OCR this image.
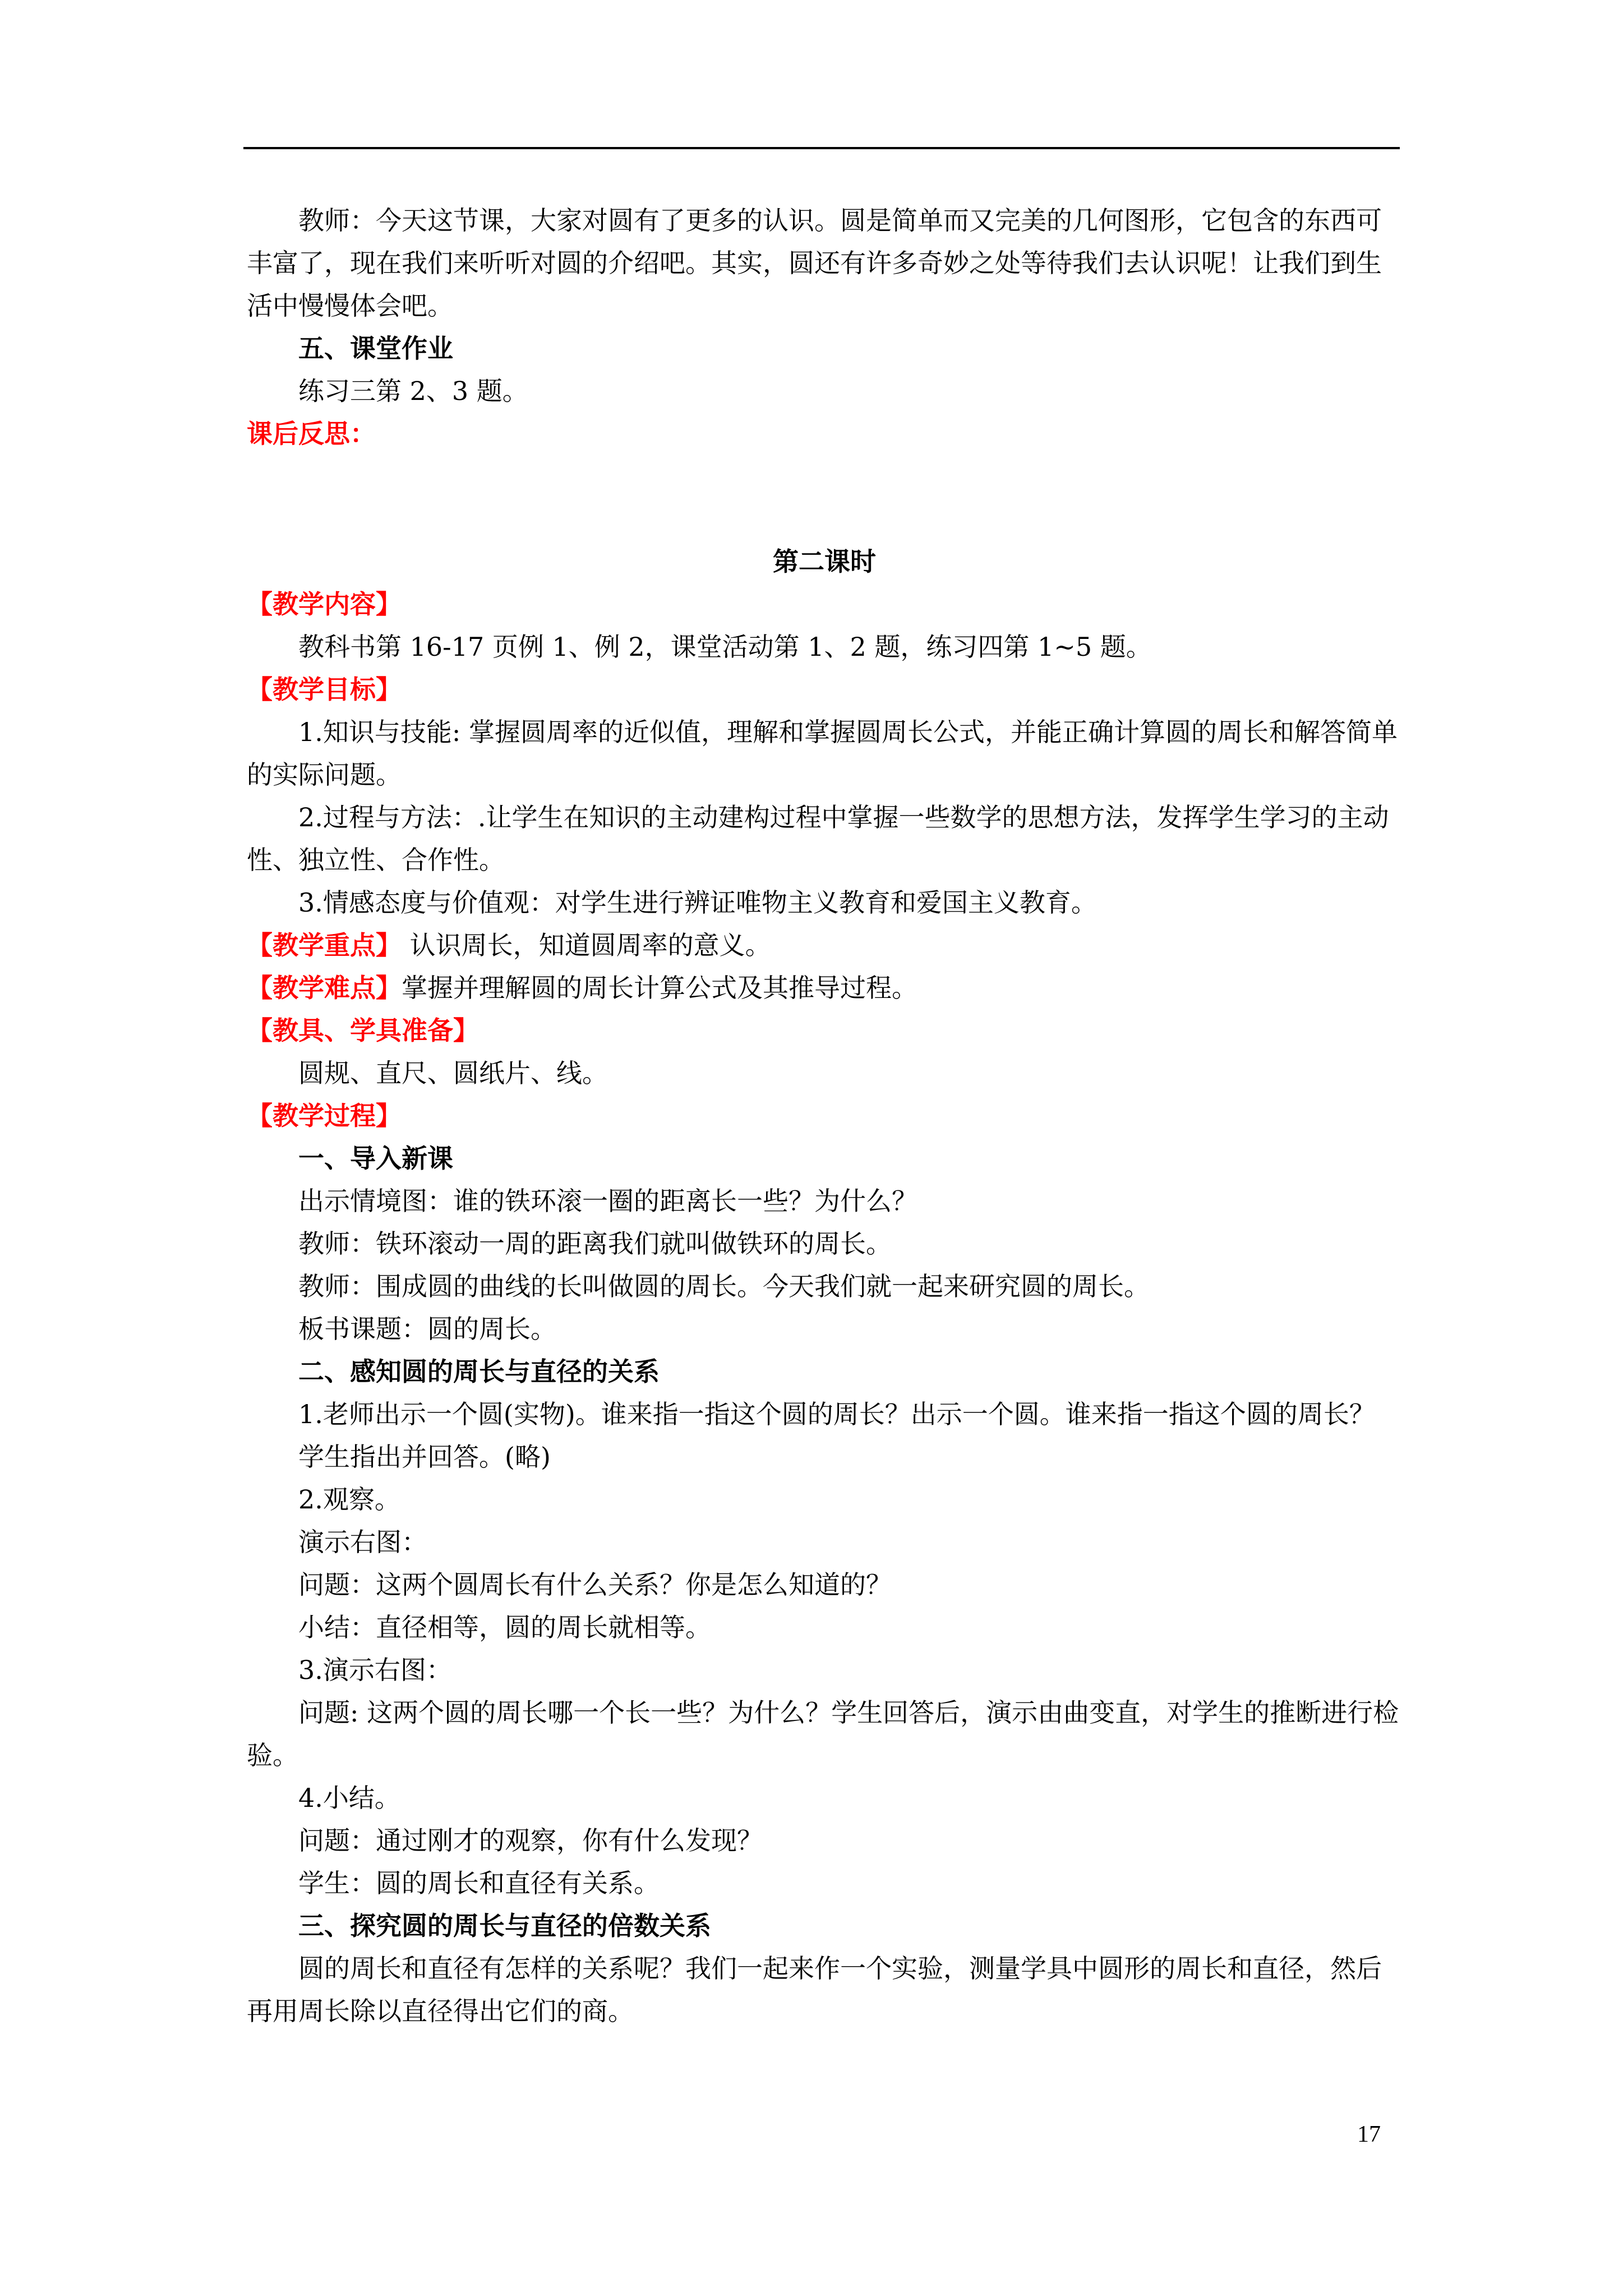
教师：今天这节课，大家对圆有了更多的认识。圆是简单而又完美的几何图形，它包含的东西可丰富了，现在我们来听听对圆的介绍吧。其实，圆还有许多奇妙之处等待我们去认识呢！让我们到生活中慢慢体会吧。

五、课堂作业

练习三第 2、3 题。

课后反思：

第二课时

【教学内容】

教科书第 16-17 页例 1、例 2，课堂活动第 1、2 题，练习四第 1~5 题。

【教学目标】

1.知识与技能: 掌握圆周率的近似值，理解和掌握圆周长公式，并能正确计算圆的周长和解答简单的实际问题。

2.过程与方法：.让学生在知识的主动建构过程中掌握一些数学的思想方法，发挥学生学习的主动性、独立性、合作性。

3.情感态度与价值观：对学生进行辨证唯物主义教育和爱国主义教育。

【教学重点】 认识周长，知道圆周率的意义。

【教学难点】掌握并理解圆的周长计算公式及其推导过程。

【教具、学具准备】

圆规、直尺、圆纸片、线。

【教学过程】

一、导入新课

出示情境图：谁的铁环滚一圈的距离长一些？为什么？

教师：铁环滚动一周的距离我们就叫做铁环的周长。

教师：围成圆的曲线的长叫做圆的周长。今天我们就一起来研究圆的周长。

板书课题：圆的周长。

二、感知圆的周长与直径的关系

1.老师出示一个圆(实物)。谁来指一指这个圆的周长？出示一个圆。谁来指一指这个圆的周长？

学生指出并回答。(略)

2.观察。

演示右图：

问题：这两个圆周长有什么关系？你是怎么知道的？

小结：直径相等，圆的周长就相等。

3.演示右图：

问题: 这两个圆的周长哪一个长一些？为什么？学生回答后，演示由曲变直，对学生的推断进行检验。

4.小结。

问题：通过刚才的观察，你有什么发现？

学生：圆的周长和直径有关系。

三、探究圆的周长与直径的倍数关系

圆的周长和直径有怎样的关系呢？我们一起来作一个实验，测量学具中圆形的周长和直径，然后再用周长除以直径得出它们的商。

17
